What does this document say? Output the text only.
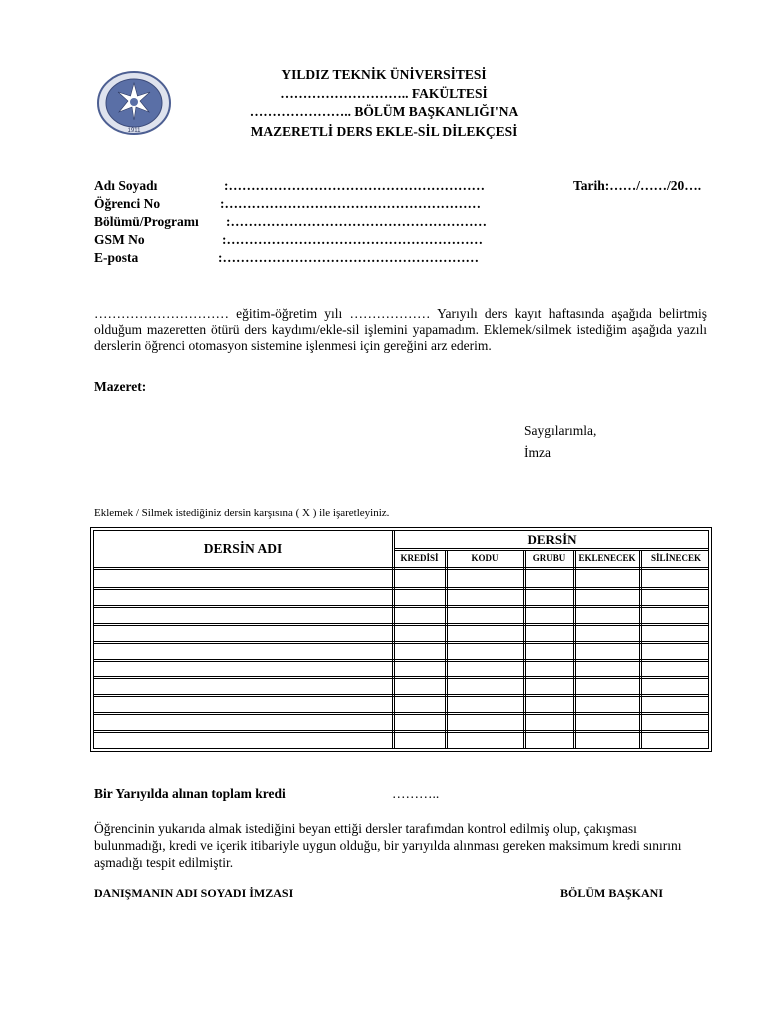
1911
YILDIZ TEKNİK ÜNİVERSİTESİ
……………………….. FAKÜLTESİ
………………….. BÖLÜM BAŞKANLIĞI'NA
MAZERETLİ DERS EKLE-SİL DİLEKÇESİ
Adı Soyadı	:…………………………………………………	Tarih:……/……/20….
Öğrenci No	:…………………………………………………
Bölümü/Programı :…………………………………………………
GSM No	:…………………………………………………
E-posta	:…………………………………………………
………………………… eğitim-öğretim yılı ……………… Yarıyılı ders kayıt haftasında aşağıda belirtmiş olduğum mazeretten ötürü ders kaydımı/ekle-sil işlemini yapamadım. Eklemek/silmek istediğim aşağıda yazılı derslerin öğrenci otomasyon sistemine işlenmesi için gereğini arz ederim.
Mazeret:
Saygılarımla,
İmza
Eklemek / Silmek istediğiniz dersin karşısına ( X ) ile işaretleyiniz.
DERSİN ADI
DERSİN
KREDİSİ	KODU	GRUBU	EKLENECEK	SİLİNECEK
Bir Yarıyılda alınan toplam kredi	………..
Öğrencinin yukarıda almak istediğini beyan ettiği dersler tarafımdan kontrol edilmiş olup, çakışması bulunmadığı, kredi ve içerik itibariyle uygun olduğu, bir yarıyılda alınması gereken maksimum kredi sınırını aşmadığı tespit edilmiştir.
DANIŞMANIN ADI SOYADI İMZASI	BÖLÜM BAŞKANI
